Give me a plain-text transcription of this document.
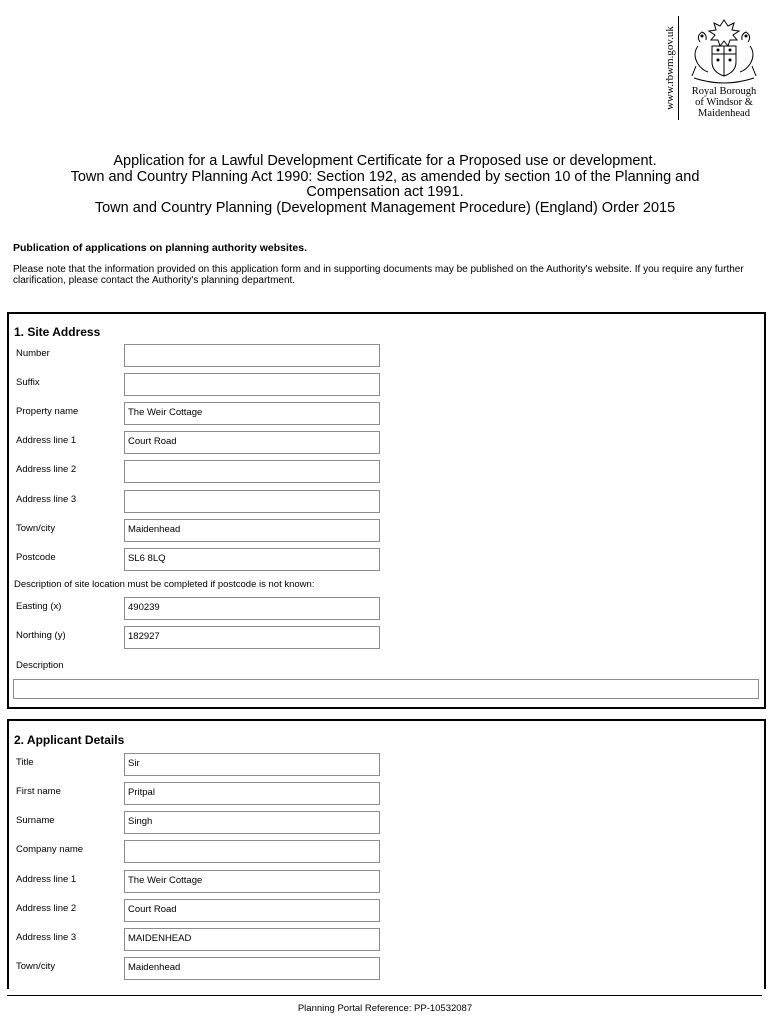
www.rbwm.gov.uk	Royal Borough
of Windsor &
Maidenhead
Application for a Lawful Development Certificate for a Proposed use or development.
Town and Country Planning Act 1990: Section 192, as amended by section 10 of the Planning and
Compensation act 1991.
Town and Country Planning (Development Management Procedure) (England) Order 2015
Publication of applications on planning authority websites.
Please note that the information provided on this application form and in supporting documents may be published on the Authority's website. If you require any further clarification, please contact the Authority's planning department.
1. Site Address
Number
Suffix
Property name	The Weir Cottage
Address line 1	Court Road
Address line 2
Address line 3
Town/city	Maidenhead
Postcode	SL6 8LQ
Description of site location must be completed if postcode is not known:
Easting (x)	490239
Northing (y)	182927
Description
2. Applicant Details
Title	Sir
First name	Pritpal
Surname	Singh
Company name
Address line 1	The Weir Cottage
Address line 2	Court Road
Address line 3	MAIDENHEAD
Town/city	Maidenhead
Planning Portal Reference: PP-10532087
